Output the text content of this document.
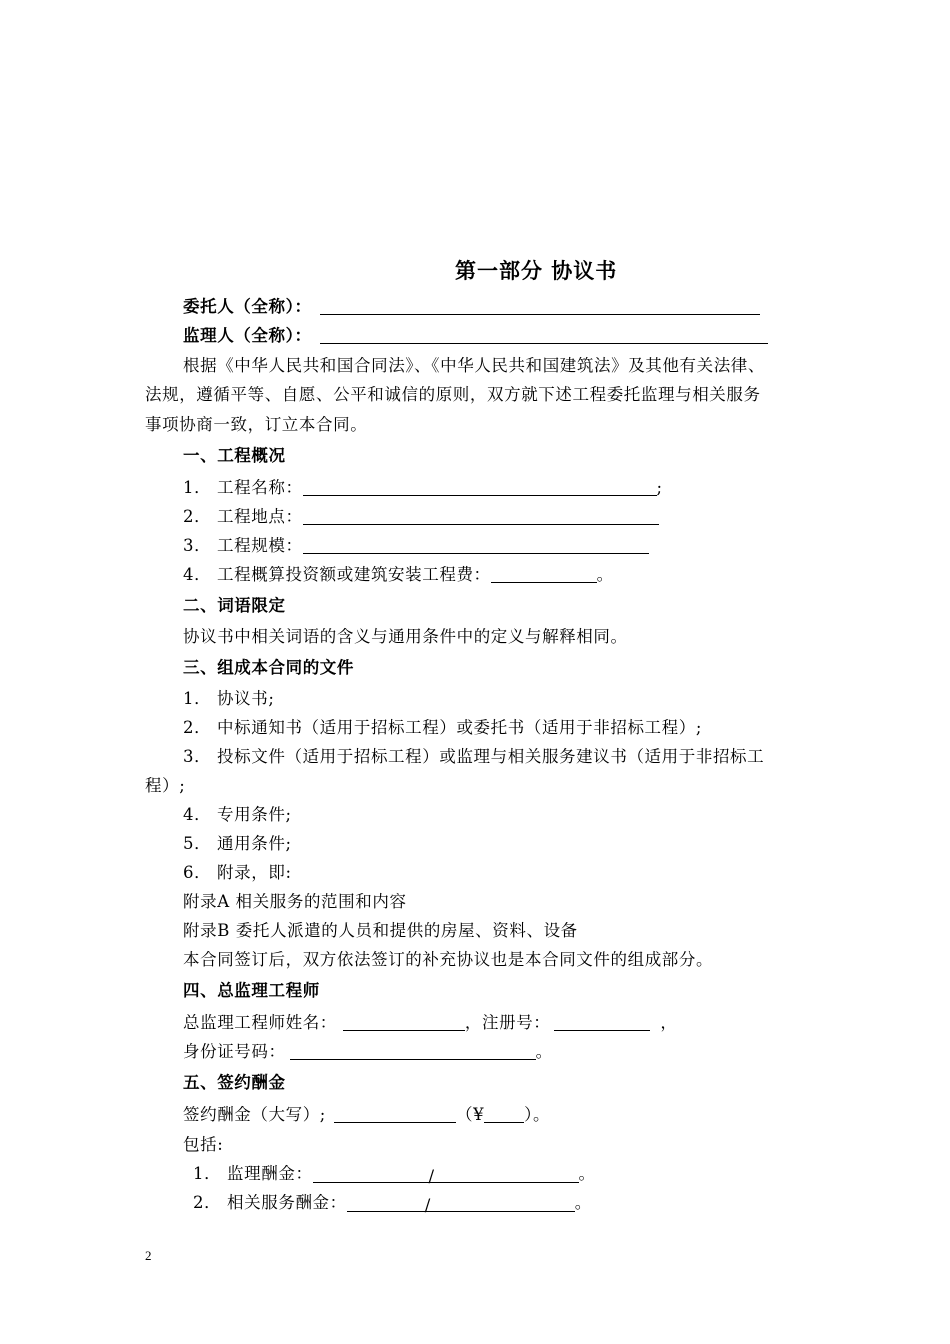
第一部分 协议书
委托人（全称）：
监理人（全称）：
根据《中华人民共和国合同法》、《中华人民共和国建筑法》及其他有关法律、
法规，遵循平等、自愿、公平和诚信的原则，双方就下述工程委托监理与相关服务
事项协商一致，订立本合同。
一、工程概况
1． 工程名称：	;
2． 工程地点：
3． 工程规模：
4． 工程概算投资额或建筑安装工程费：	。
二、词语限定
协议书中相关词语的含义与通用条件中的定义与解释相同。
三、组成本合同的文件
1． 协议书;
2． 中标通知书（适用于招标工程）或委托书（适用于非招标工程）;
3． 投标文件（适用于招标工程）或监理与相关服务建议书（适用于非招标工
程）;
4． 专用条件;
5． 通用条件;
6． 附录，即:
附录A 相关服务的范围和内容
附录B 委托人派遣的人员和提供的房屋、资料、设备
本合同签订后，双方依法签订的补充协议也是本合同文件的组成部分。
四、总监理工程师
总监理工程师姓名：	，注册号：	，
身份证号码：	。
五、签约酬金
签约酬金（大写）;	（¥ ）。
包括:
1． 监理酬金：	/	。
2． 相关服务酬金：	/	。
2
